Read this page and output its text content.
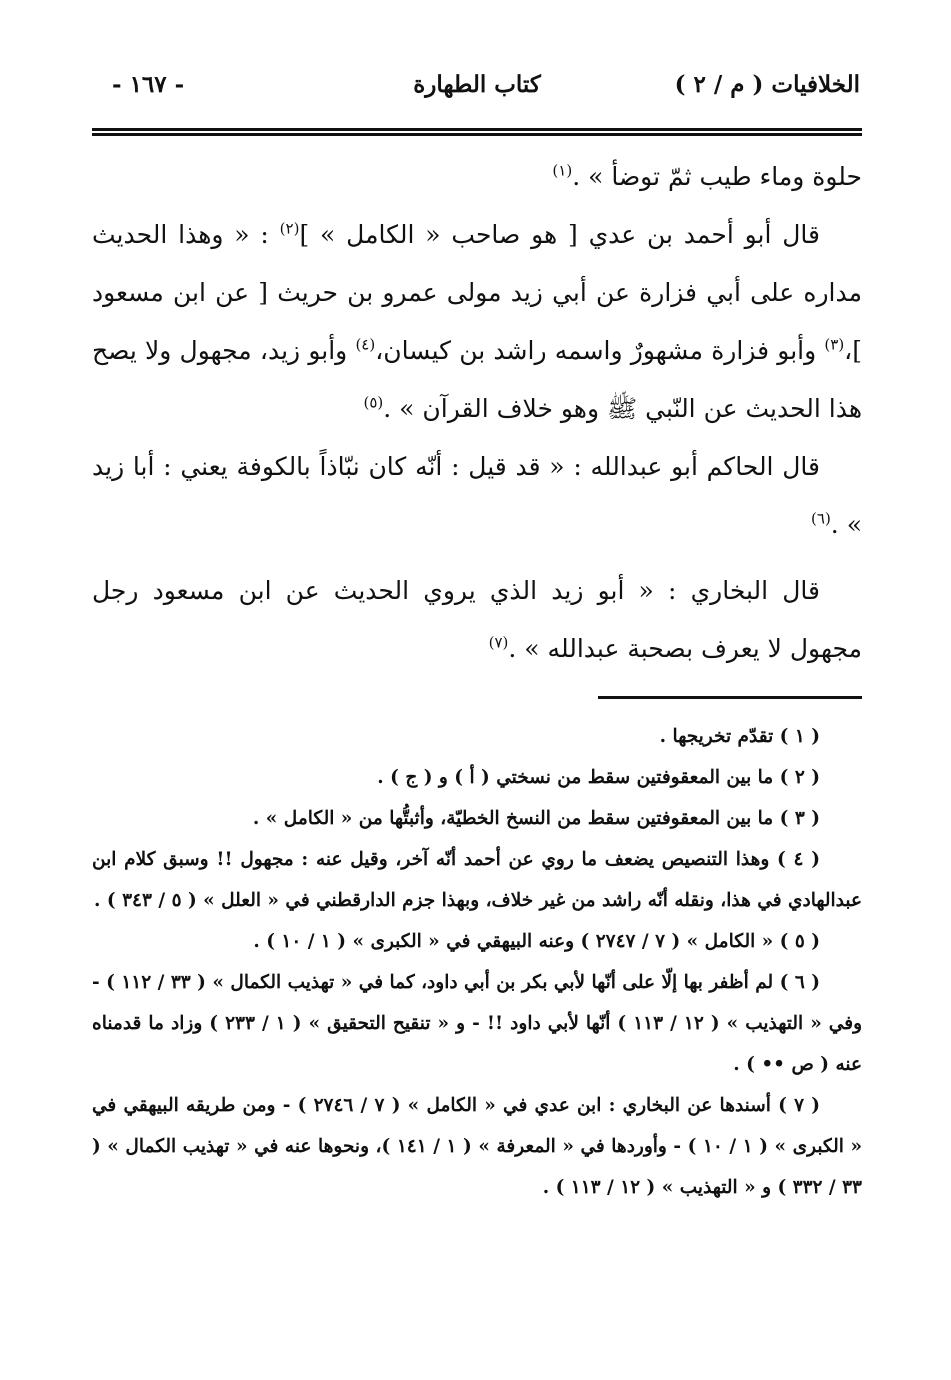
الخلافيات ( م / ٢ )
كتاب الطهارة
- ١٦٧ -

حلوة وماء طيب ثمّ توضأ » .$^{(١)}$

قال أبو أحمد بن عدي [ هو صاحب « الكامل » ]$^{(٢)}$ : « وهذا الحديث مداره على أبي فزارة عن أبي زيد مولى عمرو بن حريث [ عن ابن مسعود ]،$^{(٣)}$ وأبو فزارة مشهورٌ واسمه راشد بن كيسان،$^{(٤)}$ وأبو زيد، مجهول ولا يصح هذا الحديث عن النّبي ﷺ وهو خلاف القرآن » .$^{(٥)}$

قال الحاكم أبو عبدالله : « قد قيل : أنّه كان نبّاذاً بالكوفة يعني : أبا زيد » .$^{(٦)}$

قال البخاري : « أبو زيد الذي يروي الحديث عن ابن مسعود رجل مجهول لا يعرف بصحبة عبدالله » .$^{(٧)}$

( ١ ) تقدّم تخريجها .

( ٢ ) ما بين المعقوفتين سقط من نسختي ( أ ) و ( ج ) .

( ٣ ) ما بين المعقوفتين سقط من النسخ الخطيّة، وأثبتُّها من « الكامل » .

( ٤ ) وهذا التنصيص يضعف ما روي عن أحمد أنّه آخر، وقيل عنه : مجهول !! وسبق كلام ابن عبدالهادي في هذا، ونقله أنّه راشد من غير خلاف، وبهذا جزم الدارقطني في « العلل » ( ٥ / ٣٤٣ ) .

( ٥ ) « الكامل » ( ٧ / ٢٧٤٧ ) وعنه البيهقي في « الكبرى » ( ١ / ١٠ ) .

( ٦ ) لم أظفر بها إلّا على أنّها لأبي بكر بن أبي داود، كما في « تهذيب الكمال » ( ٣٣ / ١١٢ ) - وفي « التهذيب » ( ١٢ / ١١٣ ) أنّها لأبي داود !! - و « تنقيح التحقيق » ( ١ / ٢٣٣ ) وزاد ما قدمناه عنه ( ص •• ) .

( ٧ ) أسندها عن البخاري : ابن عدي في « الكامل » ( ٧ / ٢٧٤٦ ) - ومن طريقه البيهقي في « الكبرى » ( ١ / ١٠ ) - وأوردها في « المعرفة » ( ١ / ١٤١ )، ونحوها عنه في « تهذيب الكمال » ( ٣٣ / ٣٣٢ ) و « التهذيب » ( ١٢ / ١١٣ ) .
